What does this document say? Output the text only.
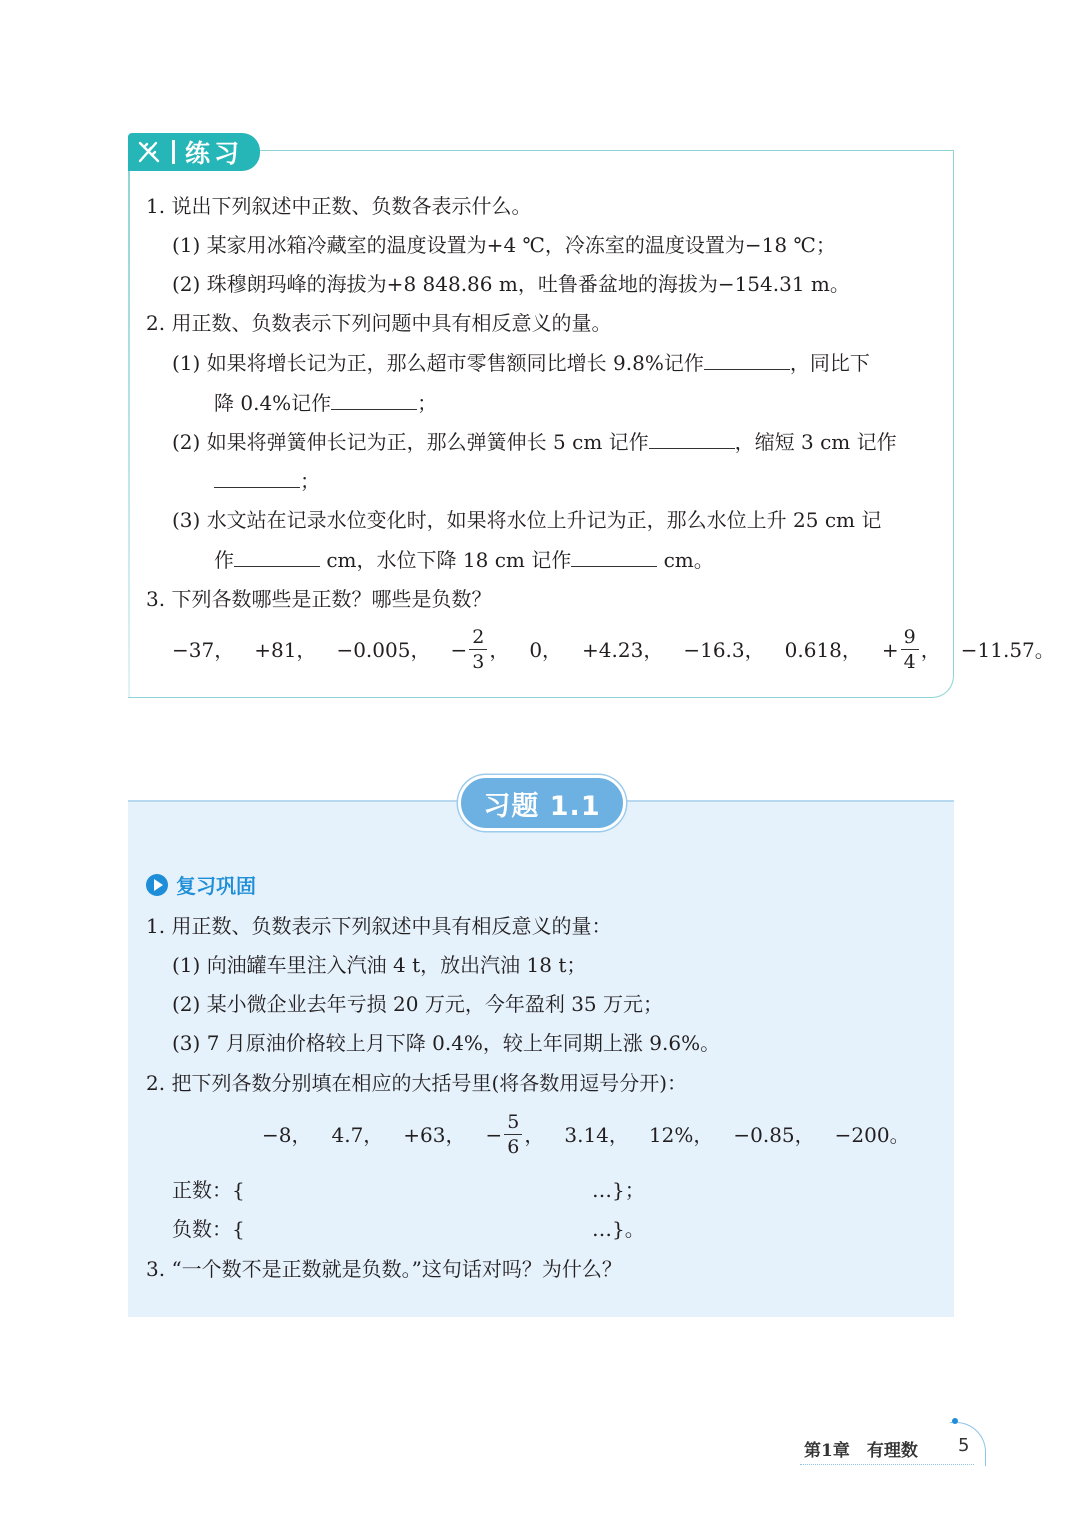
练习
1. 说出下列叙述中正数、负数各表示什么。
(1) 某家用冰箱冷藏室的温度设置为+4 ℃，冷冻室的温度设置为−18 ℃；
(2) 珠穆朗玛峰的海拔为+8 848.86 m，吐鲁番盆地的海拔为−154.31 m。
2. 用正数、负数表示下列问题中具有相反意义的量。
(1) 如果将增长记为正，那么超市零售额同比增长 9.8%记作	，同比下
降 0.4%记作	；
(2) 如果将弹簧伸长记为正，那么弹簧伸长 5 cm 记作	，缩短 3 cm 记作
；
(3) 水文站在记录水位变化时，如果将水位上升记为正，那么水位上升 25 cm 记
作	cm，水位下降 18 cm 记作	cm。
3. 下列各数哪些是正数？哪些是负数？
−37， +81， −0.005， − $\frac{2}{3}$ ， 0， +4.23， −16.3， 0.618， + $\frac{9}{4}$ ， −11.57。
习题 1.1
复习巩固
1. 用正数、负数表示下列叙述中具有相反意义的量：
(1) 向油罐车里注入汽油 4 t，放出汽油 18 t；
(2) 某小微企业去年亏损 20 万元，今年盈利 35 万元；
(3) 7 月原油价格较上月下降 0.4%，较上年同期上涨 9.6%。
2. 把下列各数分别填在相应的大括号里(将各数用逗号分开)：
−8， 4.7， +63， − $\frac{5}{6}$ ， 3.14， 12%， −0.85， −200。
正数：{	…}；
负数：{	…}。
3. “一个数不是正数就是负数。”这句话对吗？为什么？
第1章　有理数 5
